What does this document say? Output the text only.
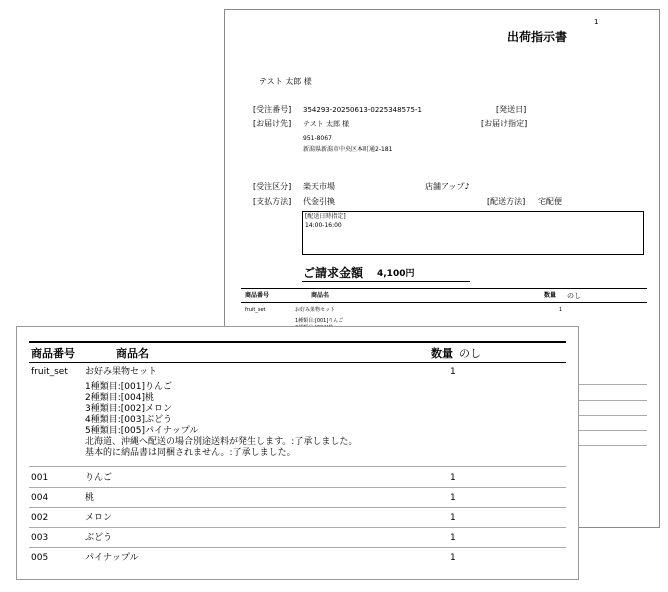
1
出荷指示書
テスト 太郎 様
[受注番号] 354293-20250613-0225348575-1	[発送日]
[お届け先] テスト 太郎 様	[お届け指定]
951-8067
新潟県新潟市中央区本町通2-181
[受注区分] 楽天市場	店舗アップ♪
[支払方法] 代金引換	[配送方法] 宅配便
[配送日時指定]
14:00-16:00
ご請求金額 4,100円
商品番号	商品名	数量 のし
fruit_set	お好み果物セット	1
1種類目:[001]りんご
商品番号	商品名	数量 のし
fruit_set お好み果物セット	1
1種類目:[001]りんご
2種類目:[004]桃
3種類目:[002]メロン
4種類目:[003]ぶどう
5種類目:[005]パイナップル
北海道、沖縄へ配送の場合別途送料が発生します。:了承しました。
基本的に納品書は同梱されません。:了承しました。
001	りんご	1
004	桃	1
002	メロン	1
003	ぶどう	1
005	パイナップル	1
